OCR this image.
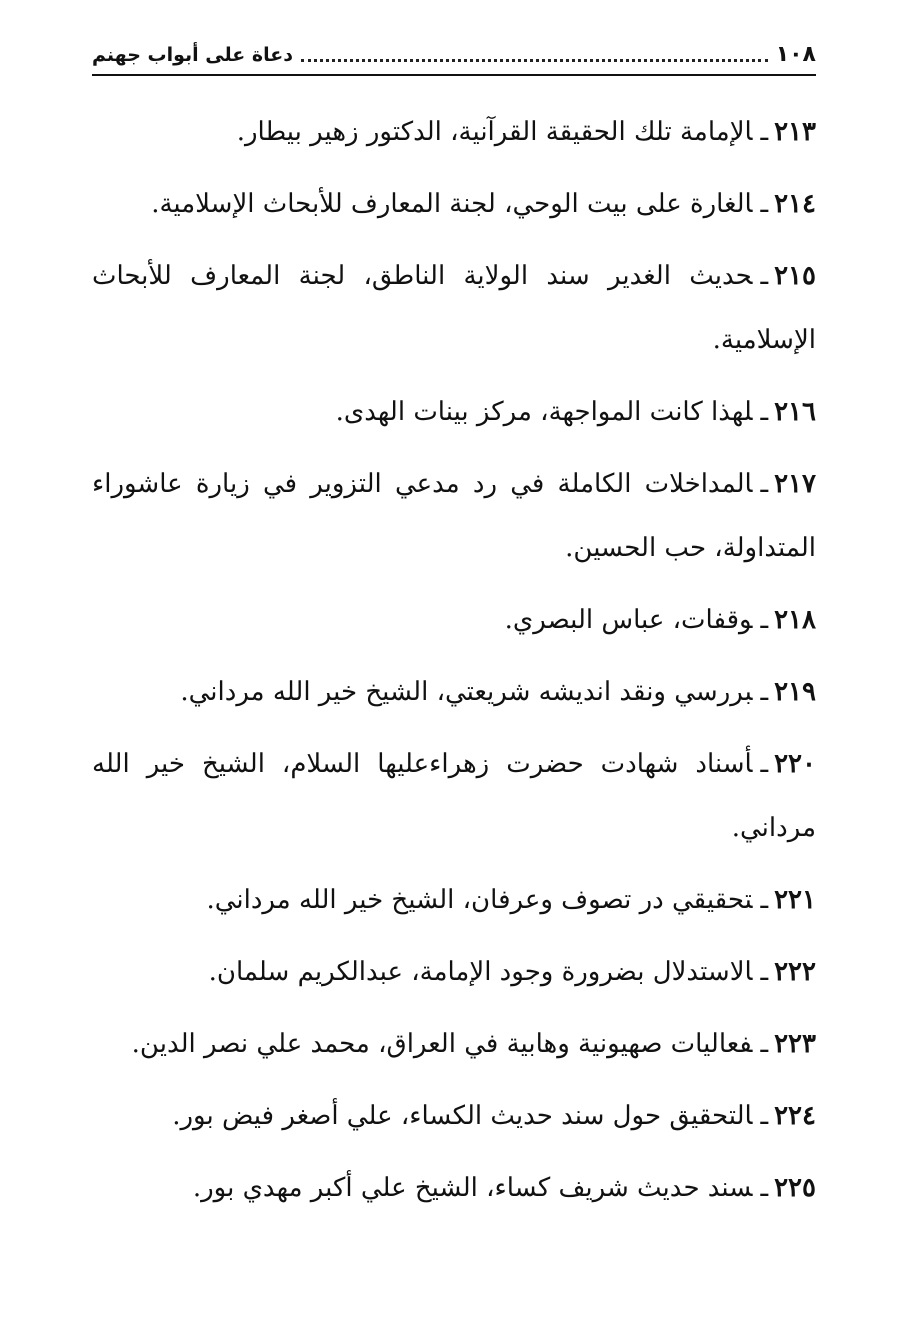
١٠٨
دعاة على أبواب جهنم
٢١٣ـالإمامة تلك الحقيقة القرآنية، الدكتور زهير بيطار.
٢١٤ـالغارة على بيت الوحي، لجنة المعارف للأبحاث الإسلامية.
٢١٥ـحديث الغدير سند الولاية الناطق، لجنة المعارف للأبحاث الإسلامية.
٢١٦ـلهذا كانت المواجهة، مركز بينات الهدى.
٢١٧ـالمداخلات الكاملة في رد مدعي التزوير في زيارة عاشوراء المتداولة، حب الحسين.
٢١٨ـوقفات، عباس البصري.
٢١٩ـبررسي ونقد انديشه شريعتي، الشيخ خير الله مرداني.
٢٢٠ـأسناد شهادت حضرت زهراءعليها السلام، الشيخ خير الله مرداني.
٢٢١ـتحقيقي در تصوف وعرفان، الشيخ خير الله مرداني.
٢٢٢ـالاستدلال بضرورة وجود الإمامة، عبدالكريم سلمان.
٢٢٣ـفعاليات صهيونية وهابية في العراق، محمد علي نصر الدين.
٢٢٤ـالتحقيق حول سند حديث الكساء، علي أصغر فيض بور.
٢٢٥ـسند حديث شريف كساء، الشيخ علي أكبر مهدي بور.
